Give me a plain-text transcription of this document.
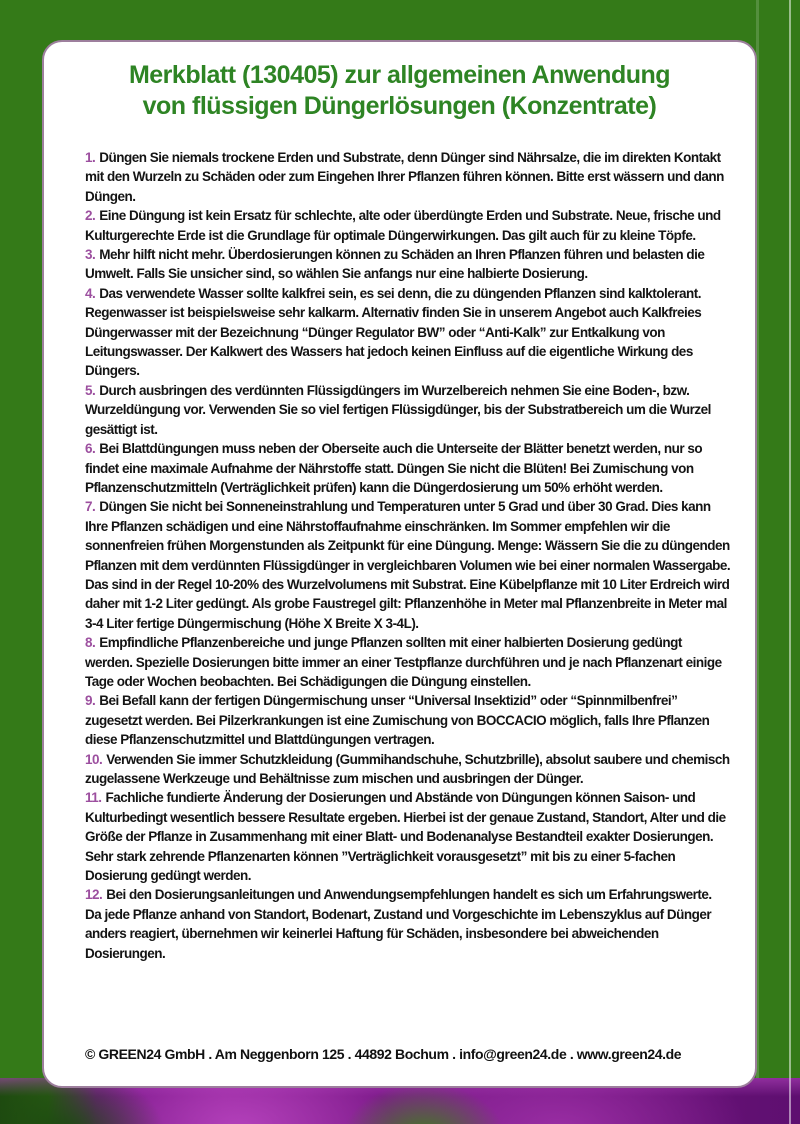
Merkblatt (130405) zur allgemeinen Anwendung
von flüssigen Düngerlösungen (Konzentrate)

1. Düngen Sie niemals trockene Erden und Substrate, denn Dünger sind Nährsalze, die im direkten Kontakt mit den Wurzeln zu Schäden oder zum Eingehen Ihrer Pflanzen führen können. Bitte erst wässern und dann Düngen.

2. Eine Düngung ist kein Ersatz für schlechte, alte oder überdüngte Erden und Substrate. Neue, frische und Kulturgerechte Erde ist die Grundlage für optimale Düngerwirkungen. Das gilt auch für zu kleine Töpfe.

3. Mehr hilft nicht mehr. Überdosierungen können zu Schäden an Ihren Pflanzen führen und belasten die Umwelt. Falls Sie unsicher sind, so wählen Sie anfangs nur eine halbierte Dosierung.

4. Das verwendete Wasser sollte kalkfrei sein, es sei denn, die zu düngenden Pflanzen sind kalktolerant. Regenwasser ist beispielsweise sehr kalkarm. Alternativ finden Sie in unserem Angebot auch Kalkfreies Düngerwasser mit der Bezeichnung “Dünger Regulator BW” oder “Anti-Kalk” zur Entkalkung von Leitungswasser. Der Kalkwert des Wassers hat jedoch keinen Einfluss auf die eigentliche Wirkung des Düngers.

5. Durch ausbringen des verdünnten Flüssigdüngers im Wurzelbereich nehmen Sie eine Boden-, bzw. Wurzeldüngung vor. Verwenden Sie so viel fertigen Flüssigdünger, bis der Substratbereich um die Wurzel gesättigt ist.

6. Bei Blattdüngungen muss neben der Oberseite auch die Unterseite der Blätter benetzt werden, nur so findet eine maximale Aufnahme der Nährstoffe statt. Düngen Sie nicht die Blüten! Bei Zumischung von Pflanzenschutzmitteln (Verträglichkeit prüfen) kann die Düngerdosierung um 50% erhöht werden.

7. Düngen Sie nicht bei Sonneneinstrahlung und Temperaturen unter 5 Grad und über 30 Grad. Dies kann Ihre Pflanzen schädigen und eine Nährstoffaufnahme einschränken. Im Sommer empfehlen wir die sonnenfreien frühen Morgenstunden als Zeitpunkt für eine Düngung. Menge: Wässern Sie die zu düngenden Pflanzen mit dem verdünnten Flüssigdünger in vergleichbaren Volumen wie bei einer normalen Wassergabe. Das sind in der Regel 10-20% des Wurzelvolumens mit Substrat. Eine Kübelpflanze mit 10 Liter Erdreich wird daher mit 1-2 Liter gedüngt. Als grobe Faustregel gilt: Pflanzenhöhe in Meter mal Pflanzenbreite in Meter mal 3-4 Liter fertige Düngermischung (Höhe X Breite X 3-4L).

8. Empfindliche Pflanzenbereiche und junge Pflanzen sollten mit einer halbierten Dosierung gedüngt werden. Spezielle Dosierungen bitte immer an einer Testpflanze durchführen und je nach Pflanzenart einige Tage oder Wochen beobachten. Bei Schädigungen die Düngung einstellen.

9. Bei Befall kann der fertigen Düngermischung unser “Universal Insektizid” oder “Spinnmilbenfrei” zugesetzt werden. Bei Pilzerkrankungen ist eine Zumischung von BOCCACIO möglich, falls Ihre Pflanzen diese Pflanzenschutzmittel und Blattdüngungen vertragen.

10. Verwenden Sie immer Schutzkleidung (Gummihandschuhe, Schutzbrille), absolut saubere und chemisch zugelassene Werkzeuge und Behältnisse zum mischen und ausbringen der Dünger.

11. Fachliche fundierte Änderung der Dosierungen und Abstände von Düngungen können Saison- und Kulturbedingt wesentlich bessere Resultate ergeben. Hierbei ist der genaue Zustand, Standort, Alter und die Größe der Pflanze in Zusammenhang mit einer Blatt- und Bodenanalyse Bestandteil exakter Dosierungen. Sehr stark zehrende Pflanzenarten können ”Verträglichkeit vorausgesetzt” mit bis zu einer 5-fachen Dosierung gedüngt werden.

12. Bei den Dosierungsanleitungen und Anwendungsempfehlungen handelt es sich um Erfahrungswerte. Da jede Pflanze anhand von Standort, Bodenart, Zustand und Vorgeschichte im Lebenszyklus auf Dünger anders reagiert, übernehmen wir keinerlei Haftung für Schäden, insbesondere bei abweichenden Dosierungen.

© GREEN24 GmbH . Am Neggenborn 125 . 44892 Bochum . info@green24.de . www.green24.de
